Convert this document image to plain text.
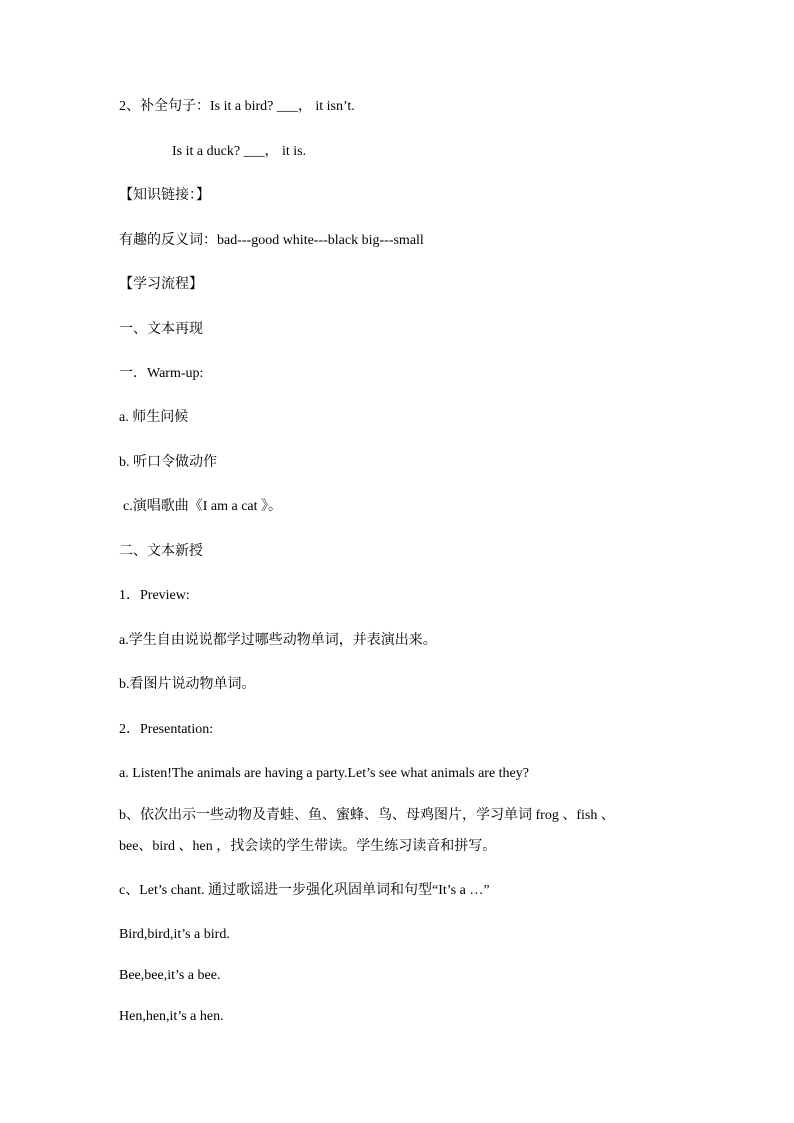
2、补全句子：Is it a bird? ___， it isn’t.
Is it a duck? ___， it is.
【知识链接：】
有趣的反义词：bad---good white---black big---small
【学习流程】
一、文本再现
一．Warm-up:
a. 师生问候
b. 听口令做动作
c.演唱歌曲《I am a cat 》。
二、文本新授
1．Preview:
a.学生自由说说都学过哪些动物单词，并表演出来。
b.看图片说动物单词。
2．Presentation:
a. Listen!The animals are having a party.Let’s see what animals are they?
b、依次出示一些动物及青蛙、鱼、蜜蜂、鸟、母鸡图片，学习单词 frog 、fish 、
bee、bird 、hen ，找会读的学生带读。学生练习读音和拼写。
c、Let’s chant. 通过歌谣进一步强化巩固单词和句型“It’s a …”
Bird,bird,it’s a bird.
Bee,bee,it’s a bee.
Hen,hen,it’s a hen.
